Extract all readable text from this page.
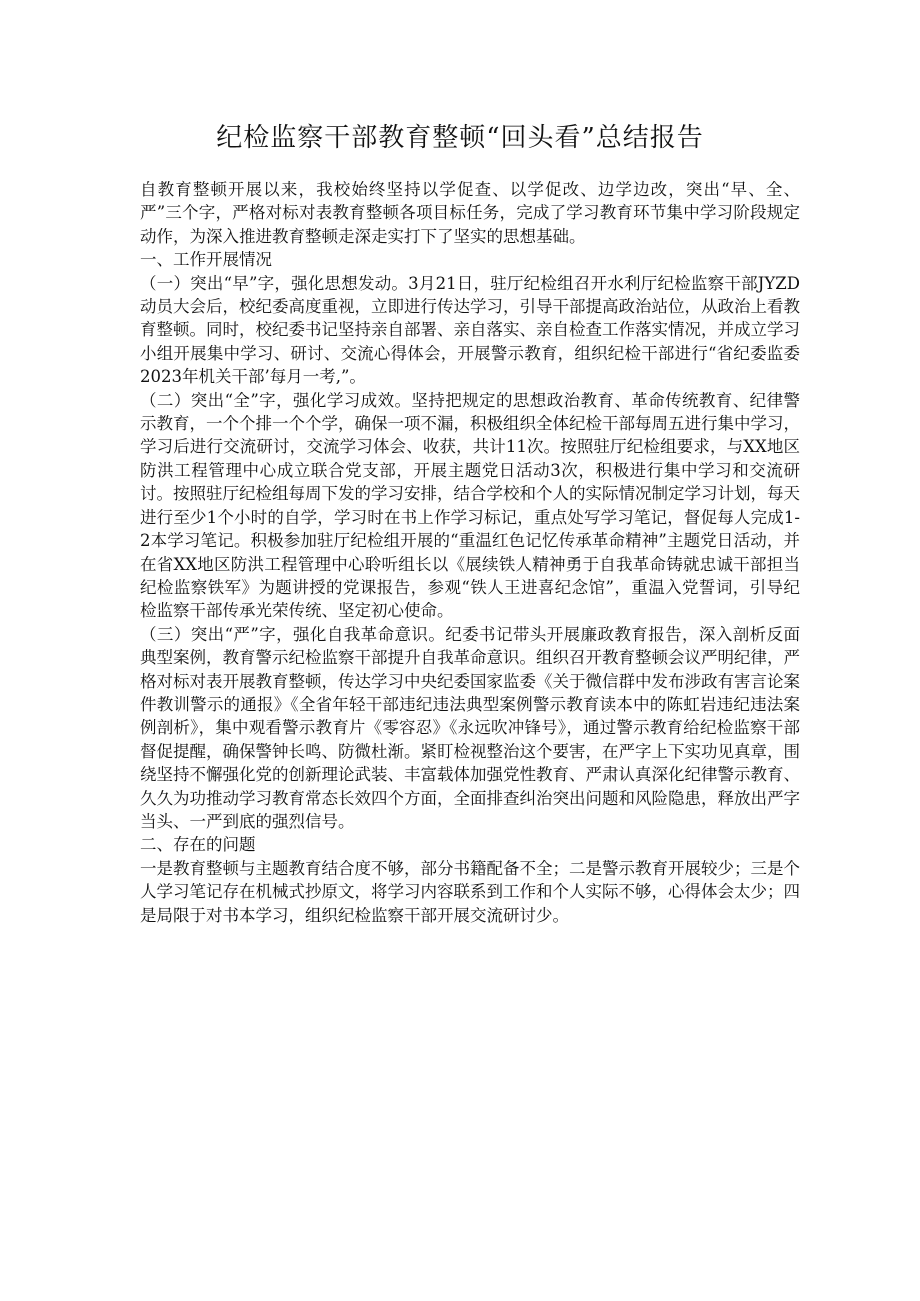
纪检监察干部教育整顿“回头看”总结报告

自教育整顿开展以来，我校始终坚持以学促查、以学促改、边学边改，突出“早、全、严”三个字，严格对标对表教育整顿各项目标任务，完成了学习教育环节集中学习阶段规定动作，为深入推进教育整顿走深走实打下了坚实的思想基础。

一、工作开展情况

（一）突出“早”字，强化思想发动。3月21日，驻厅纪检组召开水利厅纪检监察干部JYZD动员大会后，校纪委高度重视，立即进行传达学习，引导干部提高政治站位，从政治上看教育整顿。同时，校纪委书记坚持亲自部署、亲自落实、亲自检查工作落实情况，并成立学习小组开展集中学习、研讨、交流心得体会，开展警示教育，组织纪检干部进行“省纪委监委2023年机关干部’每月一考,”。

（二）突出“全”字，强化学习成效。坚持把规定的思想政治教育、革命传统教育、纪律警示教育，一个个排一个个学，确保一项不漏，积极组织全体纪检干部每周五进行集中学习，学习后进行交流研讨，交流学习体会、收获，共计11次。按照驻厅纪检组要求，与XX地区防洪工程管理中心成立联合党支部，开展主题党日活动3次，积极进行集中学习和交流研讨。按照驻厅纪检组每周下发的学习安排，结合学校和个人的实际情况制定学习计划，每天进行至少1个小时的自学，学习时在书上作学习标记，重点处写学习笔记，督促每人完成1-2本学习笔记。积极参加驻厅纪检组开展的“重温红色记忆传承革命精神”主题党日活动，并在省XX地区防洪工程管理中心聆听组长以《展续铁人精神勇于自我革命铸就忠诚干部担当纪检监察铁军》为题讲授的党课报告，参观“铁人王进喜纪念馆”，重温入党誓词，引导纪检监察干部传承光荣传统、坚定初心使命。

（三）突出“严”字，强化自我革命意识。纪委书记带头开展廉政教育报告，深入剖析反面典型案例，教育警示纪检监察干部提升自我革命意识。组织召开教育整顿会议严明纪律，严格对标对表开展教育整顿，传达学习中央纪委国家监委《关于微信群中发布涉政有害言论案件教训警示的通报》《全省年轻干部违纪违法典型案例警示教育读本中的陈虹岩违纪违法案例剖析》，集中观看警示教育片《零容忍》《永远吹冲锋号》，通过警示教育给纪检监察干部督促提醒，确保警钟长鸣、防微杜渐。紧盯检视整治这个要害，在严字上下实功见真章，围绕坚持不懈强化党的创新理论武装、丰富载体加强党性教育、严肃认真深化纪律警示教育、久久为功推动学习教育常态长效四个方面，全面排查纠治突出问题和风险隐患，释放出严字当头、一严到底的强烈信号。

二、存在的问题

一是教育整顿与主题教育结合度不够，部分书籍配备不全；二是警示教育开展较少；三是个人学习笔记存在机械式抄原文，将学习内容联系到工作和个人实际不够，心得体会太少；四是局限于对书本学习，组织纪检监察干部开展交流研讨少。
